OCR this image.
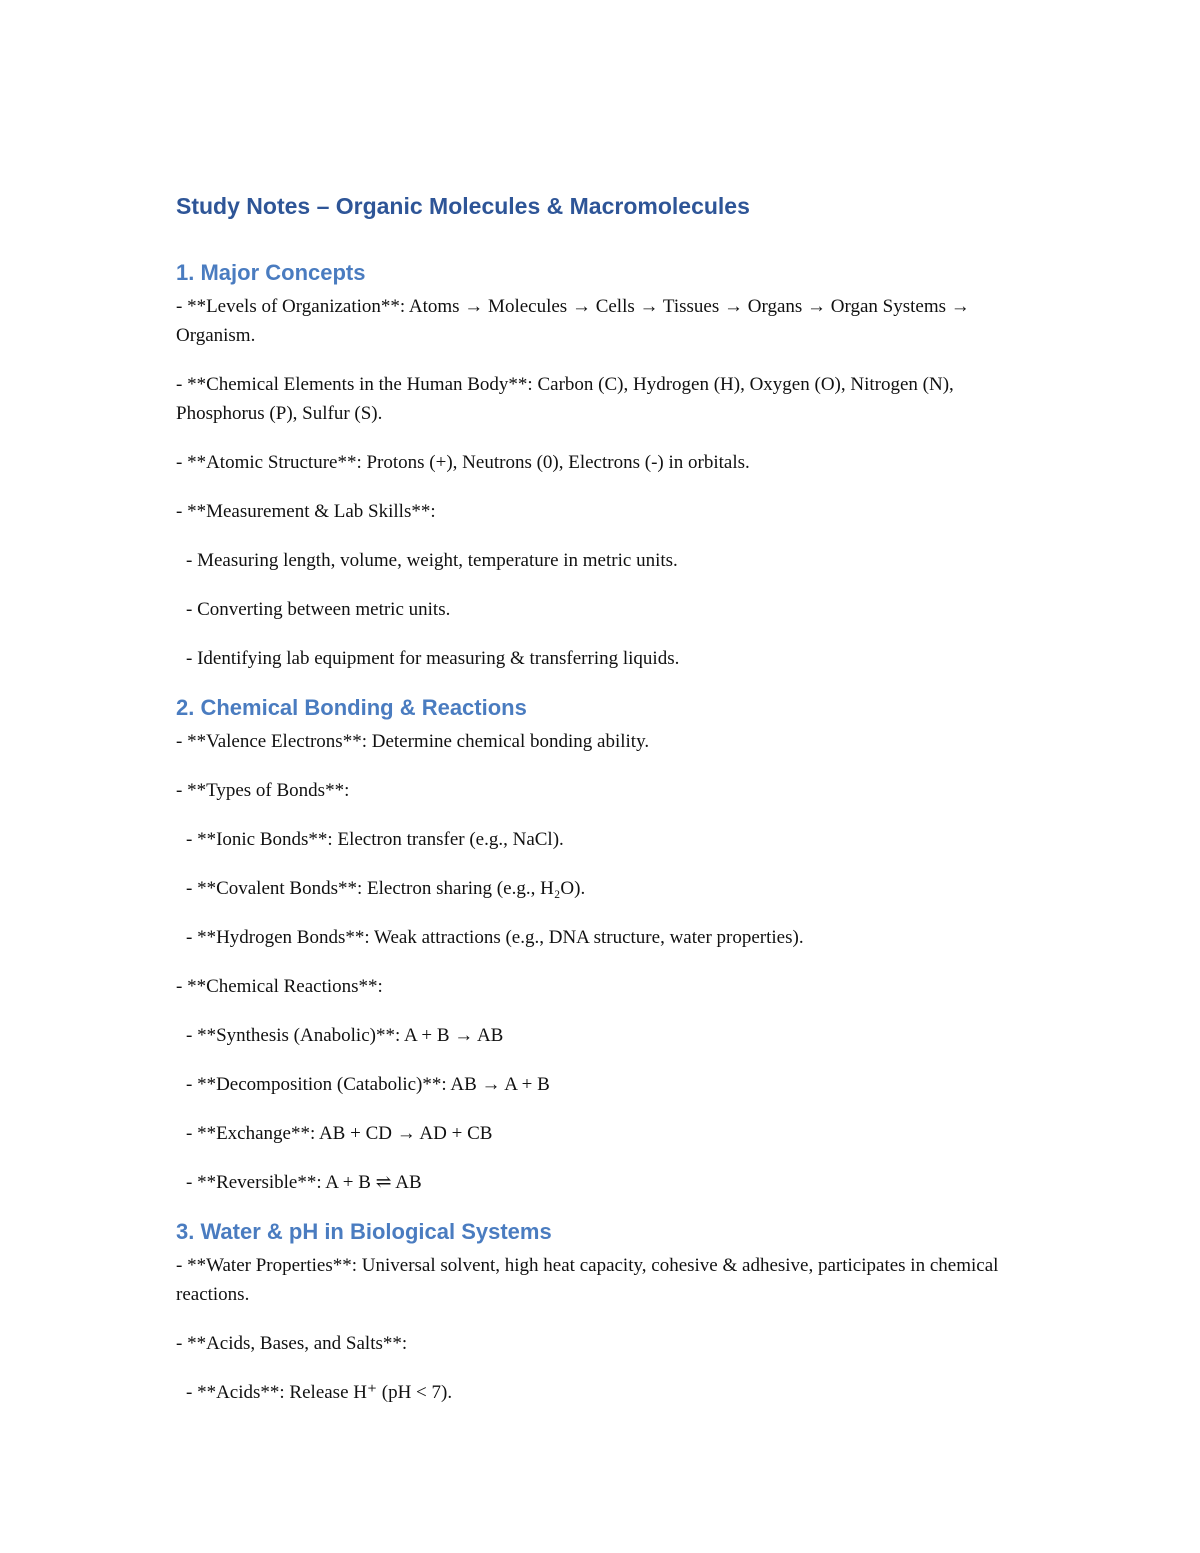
Study Notes – Organic Molecules & Macromolecules
1. Major Concepts
- **Levels of Organization**: Atoms → Molecules → Cells → Tissues → Organs → Organ Systems → Organism.
- **Chemical Elements in the Human Body**: Carbon (C), Hydrogen (H), Oxygen (O), Nitrogen (N), Phosphorus (P), Sulfur (S).
- **Atomic Structure**: Protons (+), Neutrons (0), Electrons (-) in orbitals.
- **Measurement & Lab Skills**:
- Measuring length, volume, weight, temperature in metric units.
- Converting between metric units.
- Identifying lab equipment for measuring & transferring liquids.
2. Chemical Bonding & Reactions
- **Valence Electrons**: Determine chemical bonding ability.
- **Types of Bonds**:
- **Ionic Bonds**: Electron transfer (e.g., NaCl).
- **Covalent Bonds**: Electron sharing (e.g., H₂O).
- **Hydrogen Bonds**: Weak attractions (e.g., DNA structure, water properties).
- **Chemical Reactions**:
- **Synthesis (Anabolic)**: A + B → AB
- **Decomposition (Catabolic)**: AB → A + B
- **Exchange**: AB + CD → AD + CB
- **Reversible**: A + B ⇌ AB
3. Water & pH in Biological Systems
- **Water Properties**: Universal solvent, high heat capacity, cohesive & adhesive, participates in chemical reactions.
- **Acids, Bases, and Salts**:
- **Acids**: Release H⁺ (pH < 7).
